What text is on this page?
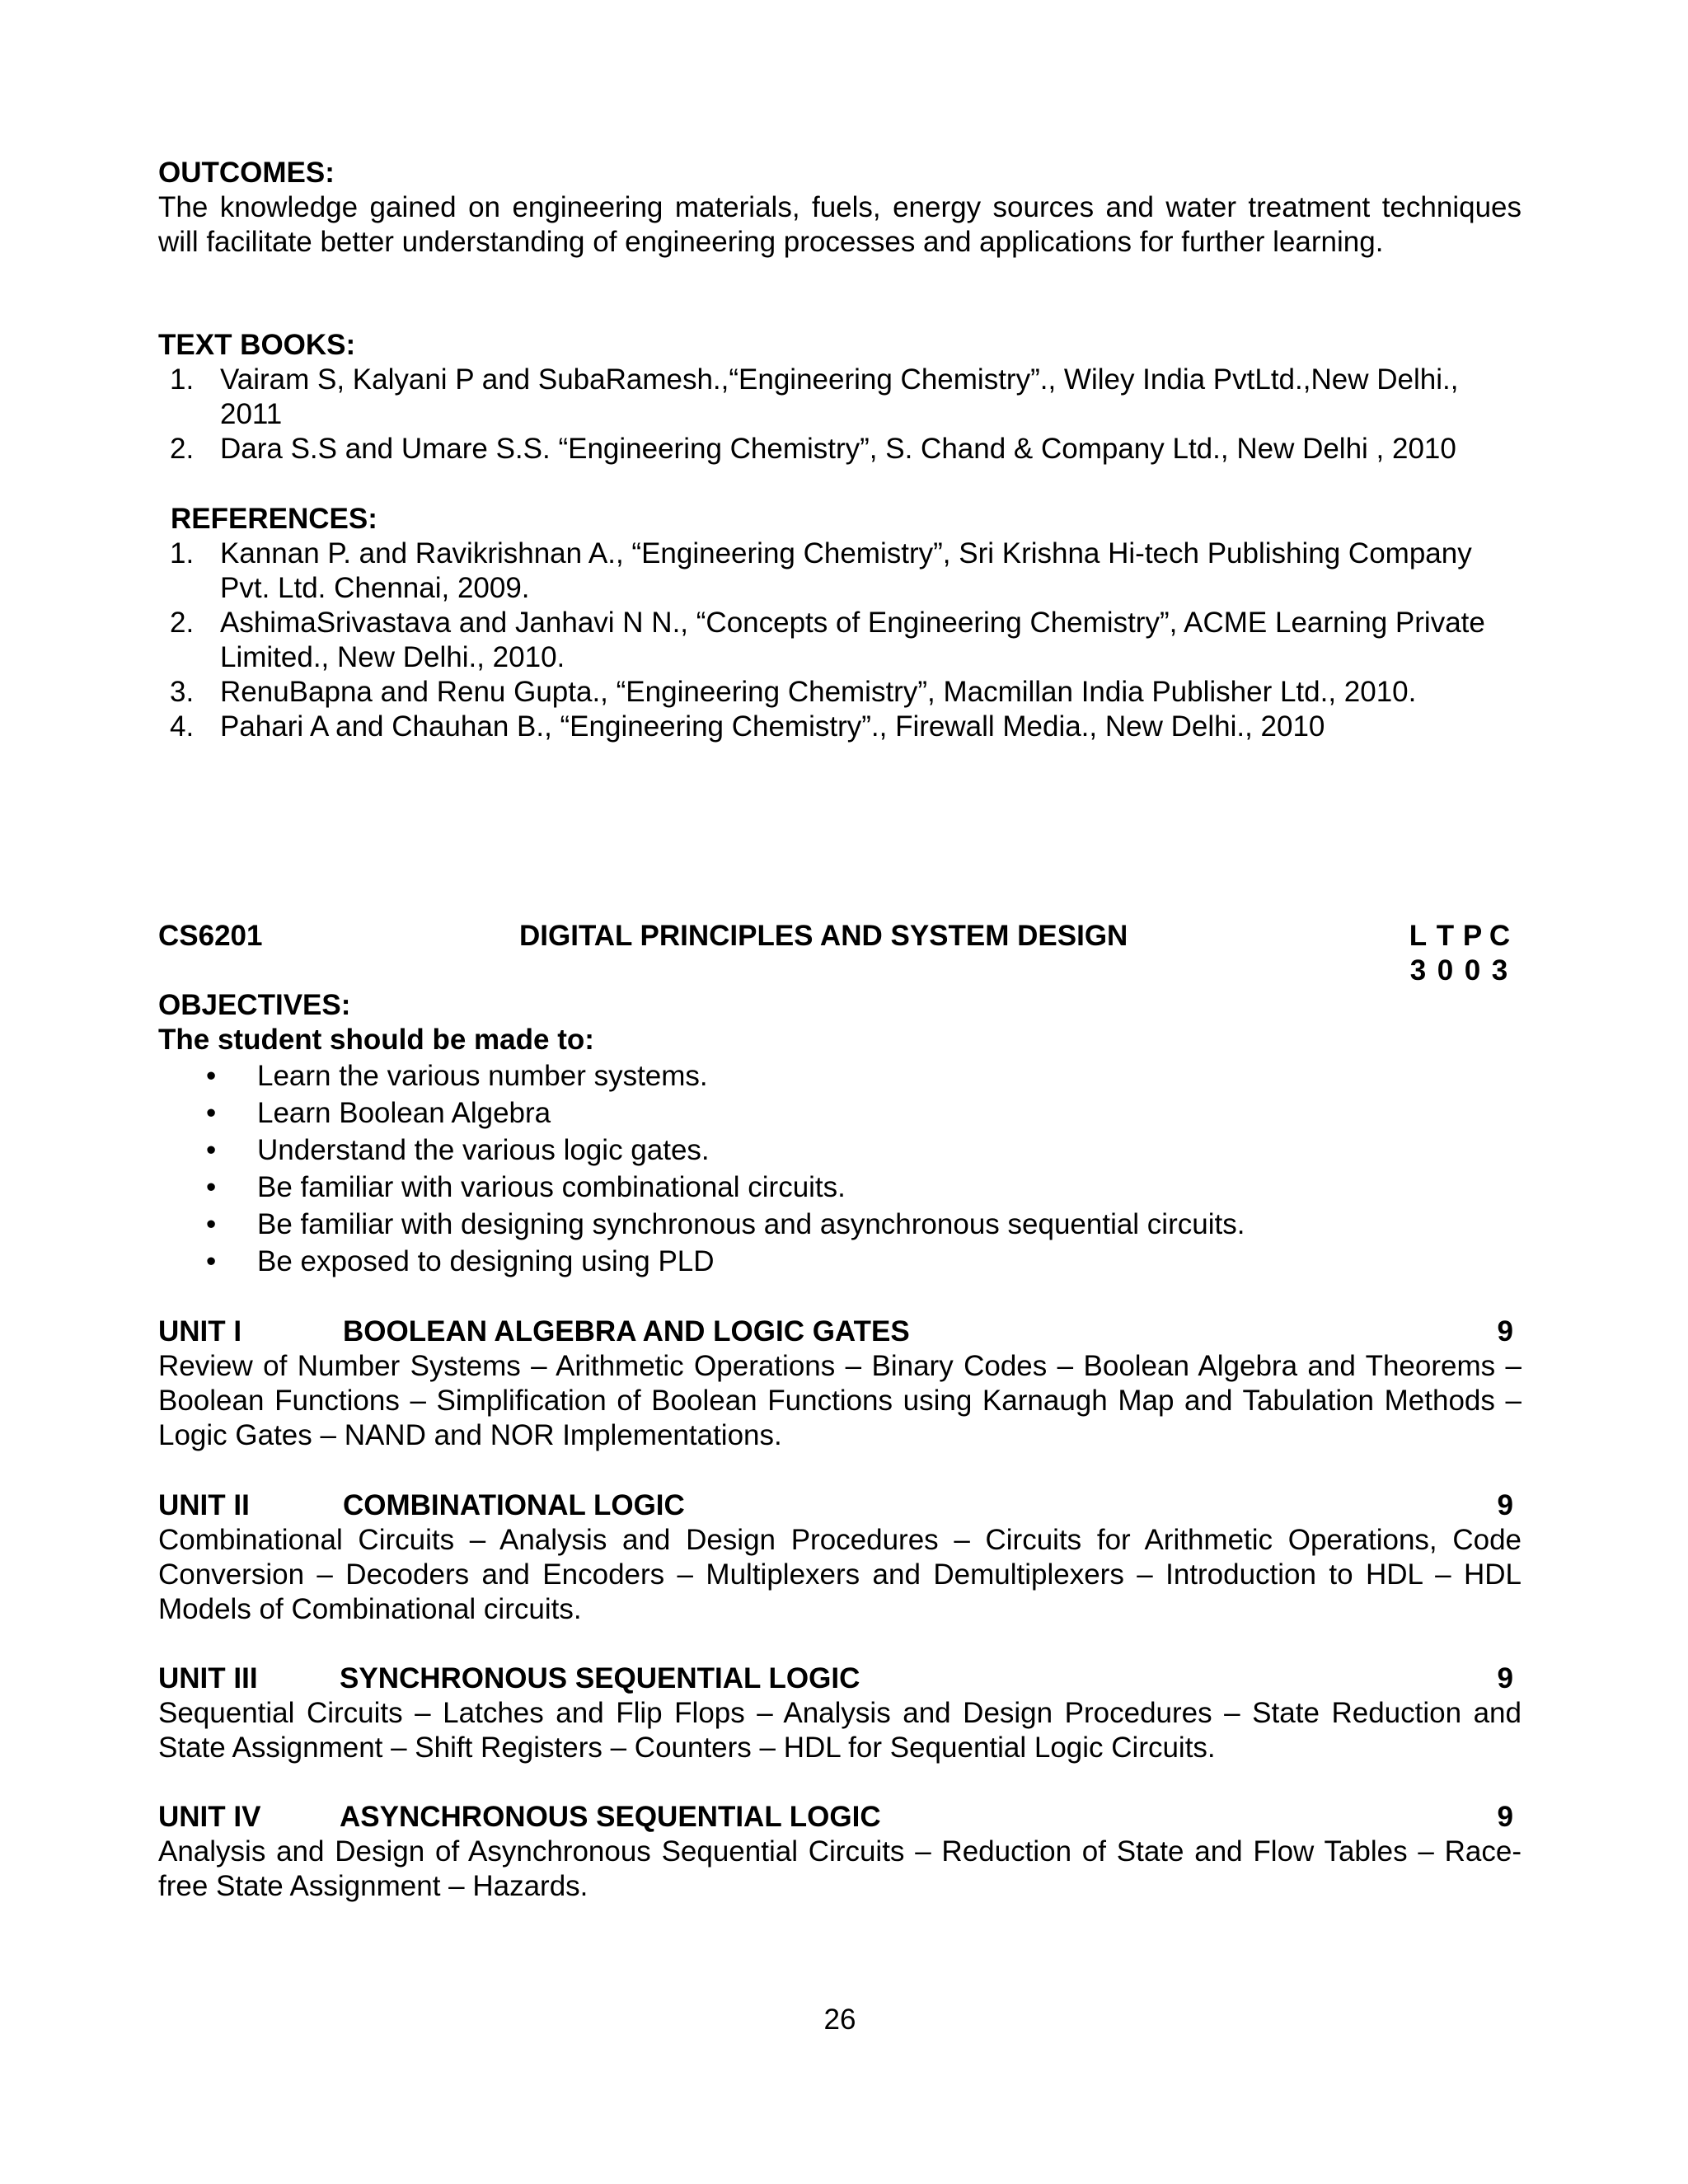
OUTCOMES:
The knowledge gained on engineering materials, fuels, energy sources and water treatment techniques will facilitate better understanding of engineering processes and applications for further learning.
TEXT BOOKS:
1. Vairam S, Kalyani P and SubaRamesh.,“Engineering Chemistry”., Wiley India PvtLtd.,New Delhi., 2011
2. Dara S.S and Umare S.S. “Engineering Chemistry”, S. Chand & Company Ltd., New Delhi , 2010
REFERENCES:
1. Kannan P. and Ravikrishnan A., “Engineering Chemistry”, Sri Krishna Hi-tech Publishing Company Pvt. Ltd. Chennai, 2009.
2. AshimaSrivastava and Janhavi N N., “Concepts of Engineering Chemistry”, ACME Learning Private Limited., New Delhi., 2010.
3. RenuBapna and Renu Gupta., “Engineering Chemistry”, Macmillan India Publisher Ltd., 2010.
4. Pahari A and Chauhan B., “Engineering Chemistry”., Firewall Media., New Delhi., 2010
CS6201	DIGITAL PRINCIPLES AND SYSTEM DESIGN	L T P C
3 0 0 3
OBJECTIVES:
The student should be made to:
• Learn the various number systems.
• Learn Boolean Algebra
• Understand the various logic gates.
• Be familiar with various combinational circuits.
• Be familiar with designing synchronous and asynchronous sequential circuits.
• Be exposed to designing using PLD
UNIT I	BOOLEAN ALGEBRA AND LOGIC GATES	9
Review of Number Systems – Arithmetic Operations – Binary Codes – Boolean Algebra and Theorems – Boolean Functions – Simplification of Boolean Functions using Karnaugh Map and Tabulation Methods – Logic Gates – NAND and NOR Implementations.
UNIT II	COMBINATIONAL LOGIC	9
Combinational Circuits – Analysis and Design Procedures – Circuits for Arithmetic Operations, Code Conversion – Decoders and Encoders – Multiplexers and Demultiplexers – Introduction to HDL – HDL Models of Combinational circuits.
UNIT III	SYNCHRONOUS SEQUENTIAL LOGIC	9
Sequential Circuits – Latches and Flip Flops – Analysis and Design Procedures – State Reduction and State Assignment – Shift Registers – Counters – HDL for Sequential Logic Circuits.
UNIT IV	ASYNCHRONOUS SEQUENTIAL LOGIC	9
Analysis and Design of Asynchronous Sequential Circuits – Reduction of State and Flow Tables – Race-free State Assignment – Hazards.
26
